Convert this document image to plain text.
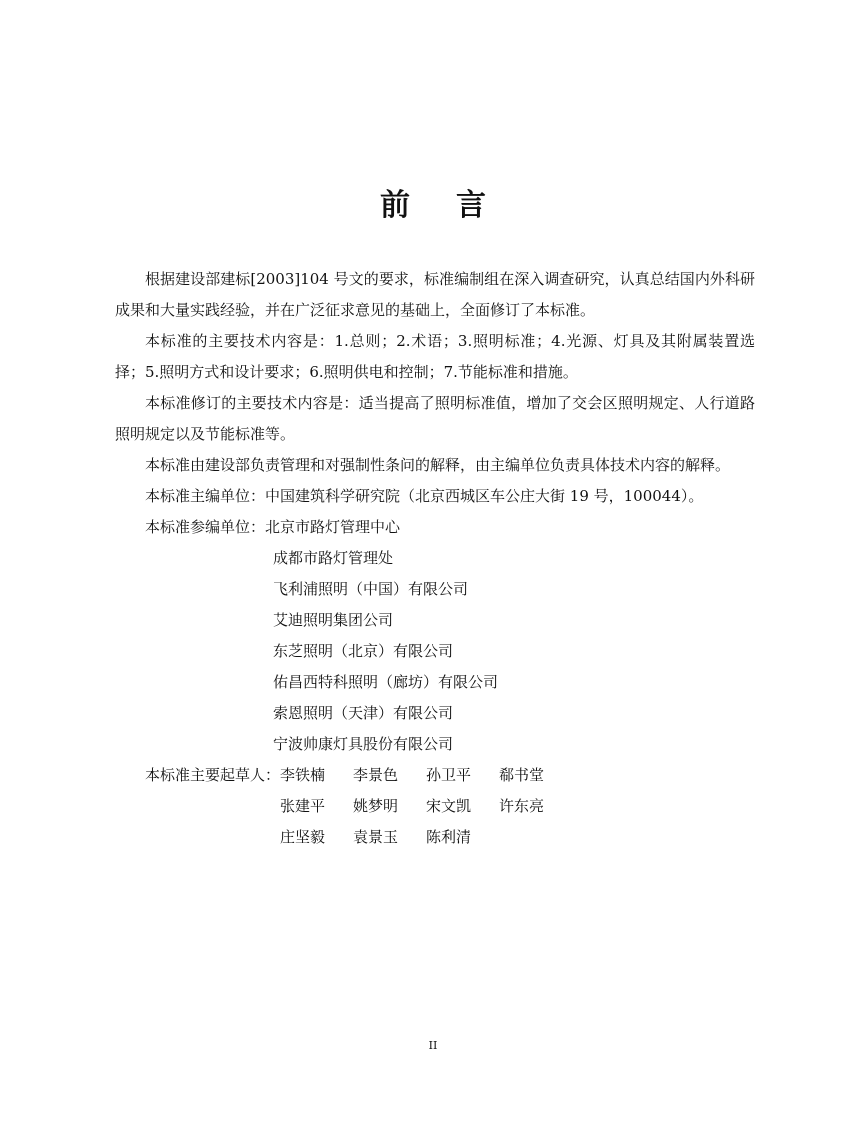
前 言

根据建设部建标[2003]104 号文的要求，标准编制组在深入调查研究，认真总结国内外科研成果和大量实践经验，并在广泛征求意见的基础上，全面修订了本标准。

本标准的主要技术内容是：1.总则；2.术语；3.照明标准；4.光源、灯具及其附属装置选择；5.照明方式和设计要求；6.照明供电和控制；7.节能标准和措施。

本标准修订的主要技术内容是：适当提高了照明标准值，增加了交会区照明规定、人行道路照明规定以及节能标准等。

本标准由建设部负责管理和对强制性条问的解释，由主编单位负责具体技术内容的解释。

本标准主编单位：中国建筑科学研究院（北京西城区车公庄大街 19 号，100044）。

本标准参编单位： 北京市路灯管理中心
成都市路灯管理处
飞利浦照明（中国）有限公司
艾迪照明集团公司
东芝照明（北京）有限公司
佑昌西特科照明（廊坊）有限公司
索恩照明（天津）有限公司
宁波帅康灯具股份有限公司
本标准主要起草人： 李铁楠	李景色	孙卫平	郗书堂
张建平	姚梦明	宋文凯	许东亮
庄坚毅	袁景玉	陈利清
II
